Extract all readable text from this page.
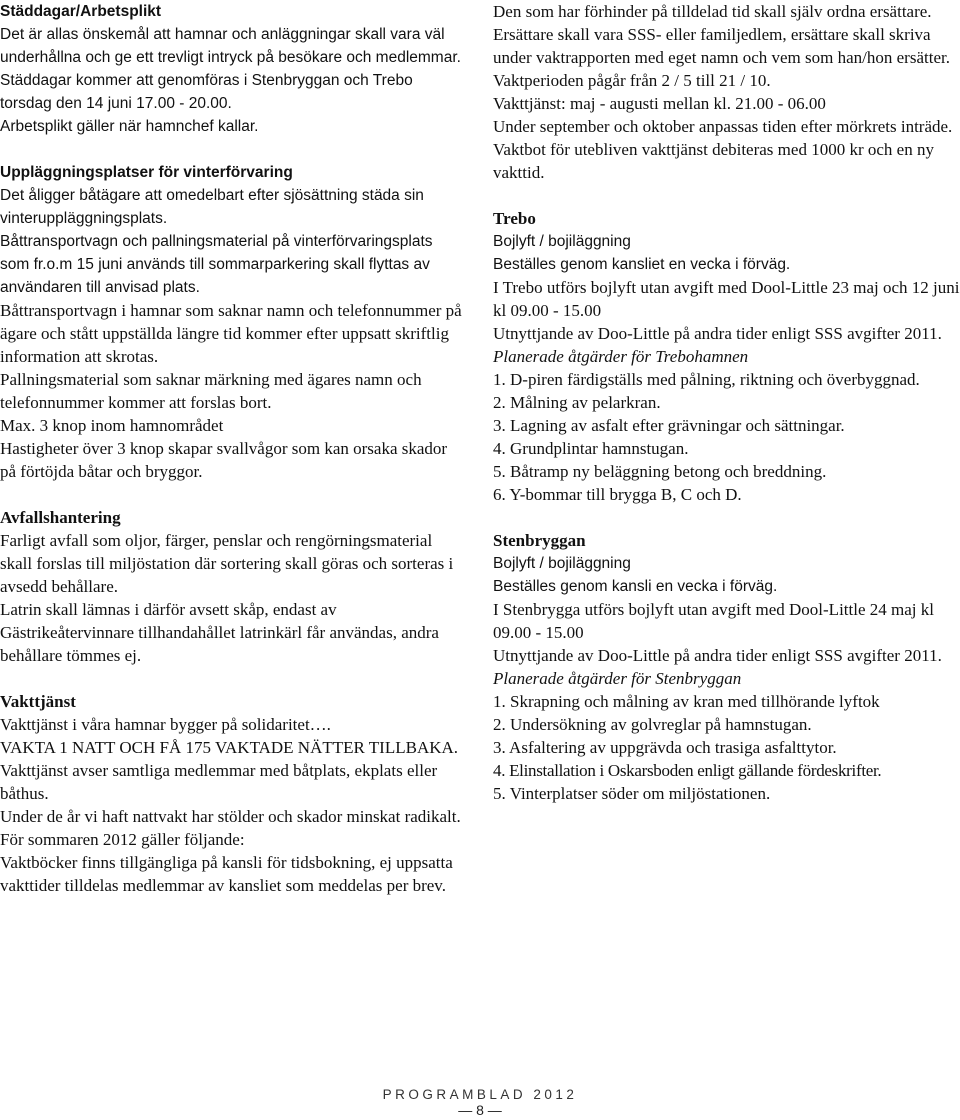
Städdagar/Arbetsplikt

Det är allas önskemål att hamnar och anläggningar skall vara väl underhållna och ge ett trevligt intryck på besökare och medlemmar.

Städdagar kommer att genomföras i Stenbryggan och Trebo torsdag den 14 juni 17.00 - 20.00.

Arbetsplikt gäller när hamnchef kallar.

Uppläggningsplatser för vinterförvaring

Det åligger båtägare att omedelbart efter sjösättning städa sin vinteruppläggningsplats.

Båttransportvagn och pallningsmaterial på vinterförvaringsplats som fr.o.m 15 juni används till sommarparkering skall flyttas av användaren till anvisad plats.

Båttransportvagn i hamnar som saknar namn och telefonnummer på ägare och stått uppställda längre tid kommer efter uppsatt skriftlig information att skrotas.

Pallningsmaterial som saknar märkning med ägares namn och telefonnummer kommer att forslas bort.

Max. 3 knop inom hamnområdet

Hastigheter över 3 knop skapar svallvågor som kan orsaka skador på förtöjda båtar och bryggor.

Avfallshantering

Farligt avfall som oljor, färger, penslar och rengörningsmaterial skall forslas till miljöstation där sortering skall göras och sorteras i avsedd behållare.

Latrin skall lämnas i därför avsett skåp, endast av Gästrikeåtervinnare tillhandahållet latrinkärl får användas, andra behållare tömmes ej.

Vakttjänst

Vakttjänst i våra hamnar bygger på solidaritet….

VAKTA 1 NATT OCH FÅ 175 VAKTADE NÄTTER TILLBAKA.

Vakttjänst avser samtliga medlemmar med båtplats, ekplats eller båthus.

Under de år vi haft nattvakt har stölder och skador minskat radikalt.

För sommaren 2012 gäller följande:

Vaktböcker finns tillgängliga på kansli för tidsbokning, ej uppsatta vakttider tilldelas medlemmar av kansliet som meddelas per brev.

Den som har förhinder på tilldelad tid skall själv ordna ersättare.

Ersättare skall vara SSS- eller familjedlem, ersättare skall skriva under vaktrapporten med eget namn och vem som han/hon ersätter.

Vaktperioden pågår från 2 / 5 till 21 / 10.

Vakttjänst: maj - augusti mellan kl. 21.00 - 06.00

Under september och oktober anpassas tiden efter mörkrets inträde.

Vaktbot för utebliven vakttjänst debiteras med 1000 kr och en ny vakttid.

Trebo

Bojlyft / bojiläggning

Beställes genom kansliet en vecka i förväg.

I Trebo utförs bojlyft utan avgift med Dool-Little 23 maj och 12 juni kl 09.00 - 15.00

Utnyttjande av Doo-Little på andra tider enligt SSS avgifter 2011.

Planerade åtgärder för Trebohamnen

1. D-piren färdigställs med pålning, riktning och överbyggnad.
2. Målning av pelarkran.
3. Lagning av asfalt efter grävningar och sättningar.
4. Grundplintar hamnstugan.
5. Båtramp ny beläggning betong och breddning.
6. Y-bommar till brygga B, C och D.

Stenbryggan

Bojlyft / bojiläggning

Beställes genom kansli en vecka i förväg.

I Stenbrygga utförs bojlyft utan avgift med Dool-Little 24 maj kl 09.00 - 15.00

Utnyttjande av Doo-Little på andra tider enligt SSS avgifter 2011.

Planerade åtgärder för Stenbryggan

1. Skrapning och målning av kran med tillhörande lyftok
2. Undersökning av golvreglar på hamnstugan.
3. Asfaltering av uppgrävda och trasiga asfalttytor.
4. Elinstallation i Oskarsboden enligt gällande fördeskrifter.
5. Vinterplatser söder om miljöstationen.
PROGRAMBLAD 2012
— 8 —
